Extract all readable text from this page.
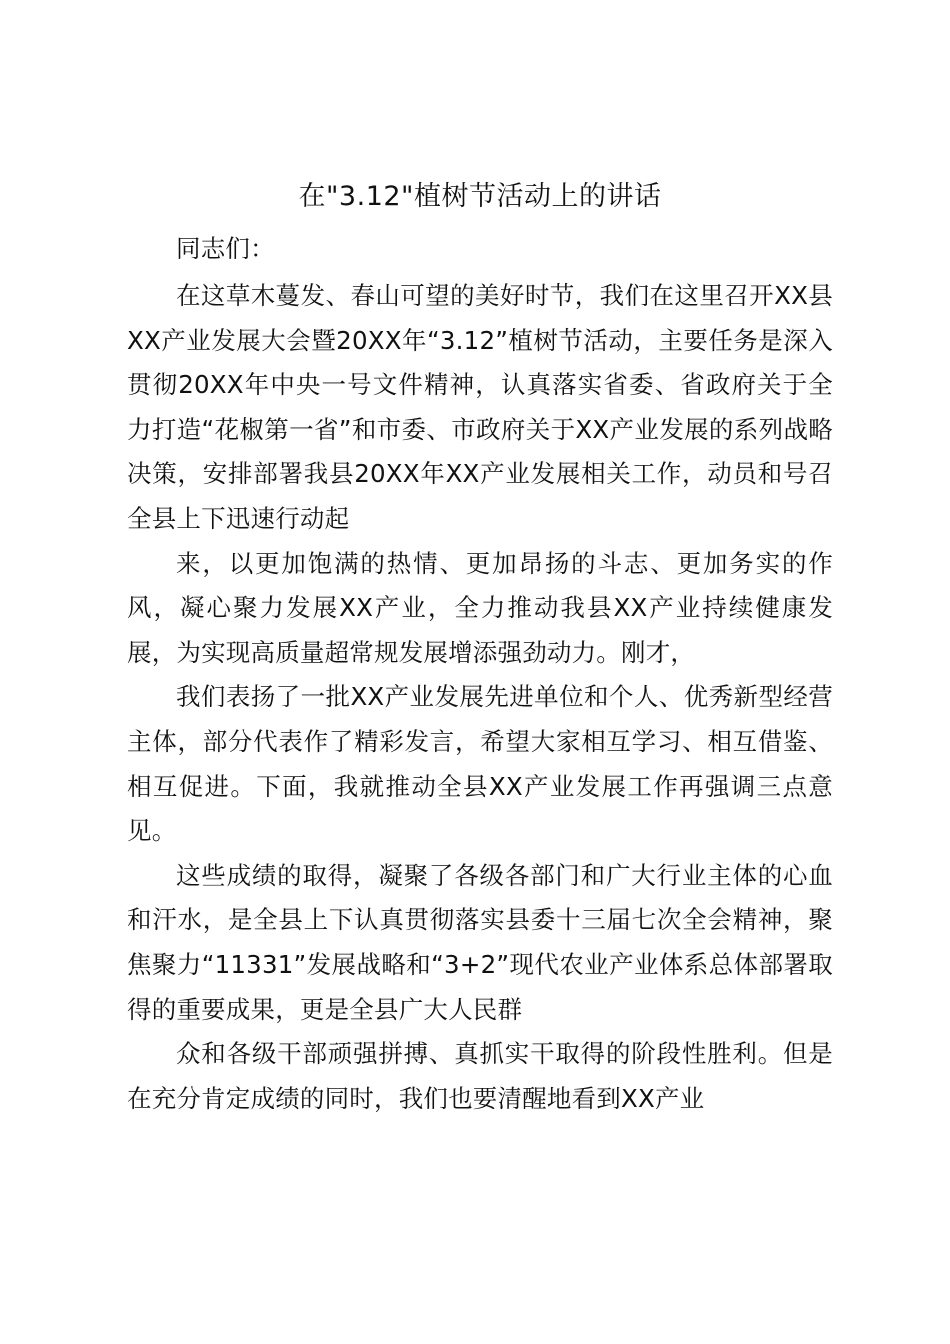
在"3.12"植树节活动上的讲话

同志们：

在这草木蔓发、春山可望的美好时节，我们在这里召开XX县XX产业发展大会暨20XX年“3.12”植树节活动，主要任务是深入贯彻20XX年中央一号文件精神，认真落实省委、省政府关于全力打造“花椒第一省”和市委、市政府关于XX产业发展的系列战略决策，安排部署我县20XX年XX产业发展相关工作，动员和号召全县上下迅速行动起

来，以更加饱满的热情、更加昂扬的斗志、更加务实的作风，凝心聚力发展XX产业，全力推动我县XX产业持续健康发展，为实现高质量超常规发展增添强劲动力。刚才，

我们表扬了一批XX产业发展先进单位和个人、优秀新型经营主体，部分代表作了精彩发言，希望大家相互学习、相互借鉴、相互促进。下面，我就推动全县XX产业发展工作再强调三点意见。

这些成绩的取得，凝聚了各级各部门和广大行业主体的心血和汗水，是全县上下认真贯彻落实县委十三届七次全会精神，聚焦聚力“11331”发展战略和“3+2”现代农业产业体系总体部署取得的重要成果，更是全县广大人民群

众和各级干部顽强拼搏、真抓实干取得的阶段性胜利。但是在充分肯定成绩的同时，我们也要清醒地看到XX产业
